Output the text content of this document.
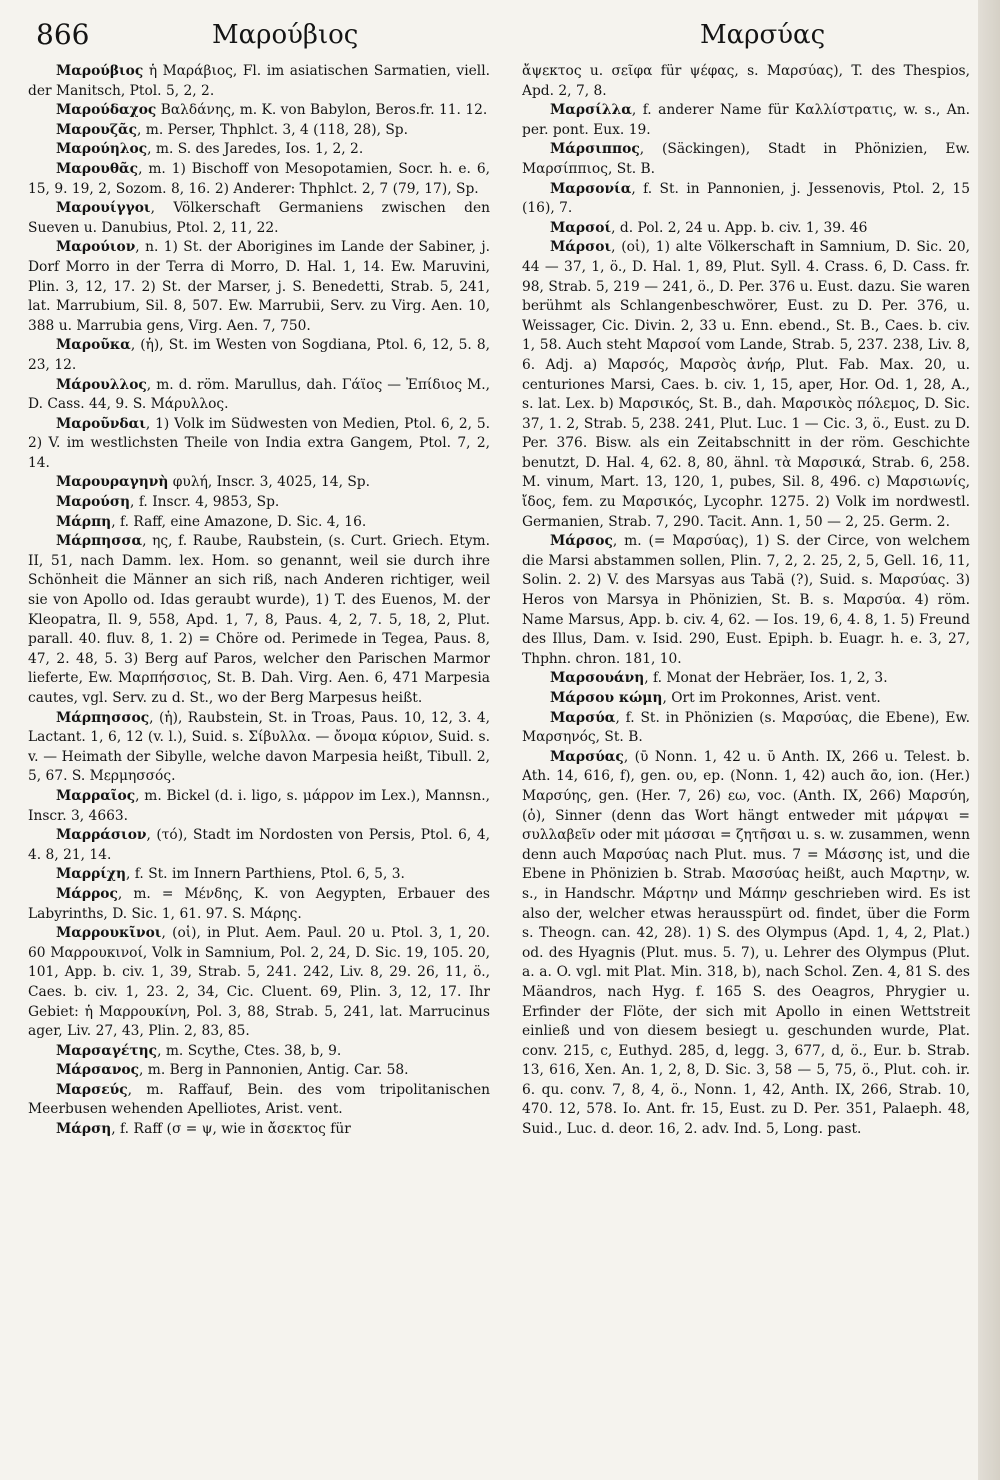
866	Μαρούβιος	Μαρσύας

Μαρούβιος ἡ Μαράβιος, Fl. im asiatischen Sarmatien, viell. der Manitsch, Ptol. 5, 2, 2.

Μαρούδαχος Βαλδάνης, m. K. von Babylon, Beros.fr. 11. 12.

Μαρουζᾶς, m. Perser, Thphlct. 3, 4 (118, 28), Sp.

Μαρούηλος, m. S. des Jaredes, Ios. 1, 2, 2.

Μαρουθᾶς, m. 1) Bischoff von Mesopotamien, Socr. h. e. 6, 15, 9. 19, 2, Sozom. 8, 16. 2) Anderer: Thphlct. 2, 7 (79, 17), Sp.

Μαρουίγγοι, Völkerschaft Germaniens zwischen den Sueven u. Danubius, Ptol. 2, 11, 22.

Μαρούιον, n. 1) St. der Aborigines im Lande der Sabiner, j. Dorf Morro in der Terra di Morro, D. Hal. 1, 14. Ew. Maruvini, Plin. 3, 12, 17. 2) St. der Marser, j. S. Benedetti, Strab. 5, 241, lat. Marrubium, Sil. 8, 507. Ew. Marrubii, Serv. zu Virg. Aen. 10, 388 u. Marrubia gens, Virg. Aen. 7, 750.

Μαροῦκα, (ἡ), St. im Westen von Sogdiana, Ptol. 6, 12, 5. 8, 23, 12.

Μάρουλλος, m. d. röm. Marullus, dah. Γάϊος — Ἐπίδιος Μ., D. Cass. 44, 9. S. Μάρυλλος.

Μαροῦνδαι, 1) Volk im Südwesten von Medien, Ptol. 6, 2, 5. 2) V. im westlichsten Theile von India extra Gangem, Ptol. 7, 2, 14.

Μαρουραγηνὴ φυλή, Inscr. 3, 4025, 14, Sp.

Μαρούση, f. Inscr. 4, 9853, Sp.

Μάρπη, f. Raff, eine Amazone, D. Sic. 4, 16.

Μάρπησσα, ης, f. Raube, Raubstein, (s. Curt. Griech. Etym. II, 51, nach Damm. lex. Hom. so genannt, weil sie durch ihre Schönheit die Männer an sich riß, nach Anderen richtiger, weil sie von Apollo od. Idas geraubt wurde), 1) T. des Euenos, M. der Kleopatra, Il. 9, 558, Apd. 1, 7, 8, Paus. 4, 2, 7. 5, 18, 2, Plut. parall. 40. fluv. 8, 1. 2) = Chöre od. Perimede in Tegea, Paus. 8, 47, 2. 48, 5. 3) Berg auf Paros, welcher den Parischen Marmor lieferte, Ew. Μαρπήσσιος, St. B. Dah. Virg. Aen. 6, 471 Marpesia cautes, vgl. Serv. zu d. St., wo der Berg Marpesus heißt.

Μάρπησσος, (ἡ), Raubstein, St. in Troas, Paus. 10, 12, 3. 4, Lactant. 1, 6, 12 (v. l.), Suid. s. Σίβυλλα. — ὄνομα κύριον, Suid. s. v. — Heimath der Sibylle, welche davon Marpesia heißt, Tibull. 2, 5, 67. S. Μερμησσός.

Μαρραῖος, m. Bickel (d. i. ligo, s. μάρρον im Lex.), Mannsn., Inscr. 3, 4663.

Μαρράσιον, (τό), Stadt im Nordosten von Persis, Ptol. 6, 4, 4. 8, 21, 14.

Μαρρίχη, f. St. im Innern Parthiens, Ptol. 6, 5, 3.

Μάρρος, m. = Μένδης, K. von Aegypten, Erbauer des Labyrinths, D. Sic. 1, 61. 97. S. Μάρης.

Μαρρουκῖνοι, (οἱ), in Plut. Aem. Paul. 20 u. Ptol. 3, 1, 20. 60 Μαρρουκινοί, Volk in Samnium, Pol. 2, 24, D. Sic. 19, 105. 20, 101, App. b. civ. 1, 39, Strab. 5, 241. 242, Liv. 8, 29. 26, 11, ö., Caes. b. civ. 1, 23. 2, 34, Cic. Cluent. 69, Plin. 3, 12, 17. Ihr Gebiet: ἡ Μαρρουκίνη, Pol. 3, 88, Strab. 5, 241, lat. Marrucinus ager, Liv. 27, 43, Plin. 2, 83, 85.

Μαρσαγέτης, m. Scythe, Ctes. 38, b, 9.

Μάρσανος, m. Berg in Pannonien, Antig. Car. 58.

Μαρσεύς, m. Raffauf, Bein. des vom tripolitanischen Meerbusen wehenden Apelliotes, Arist. vent.

Μάρση, f. Raff (σ = ψ, wie in ἄσεκτος für

ἄψεκτος u. σεῖφα für ψέφας, s. Μαρσύας), T. des Thespios, Apd. 2, 7, 8.

Μαρσίλλα, f. anderer Name für Καλλίστρατις, w. s., An. per. pont. Eux. 19.

Μάρσιππος, (Säckingen), Stadt in Phönizien, Ew. Μαρσίππιος, St. B.

Μαρσονία, f. St. in Pannonien, j. Jessenovis, Ptol. 2, 15 (16), 7.

Μαρσοί, d. Pol. 2, 24 u. App. b. civ. 1, 39. 46

Μάρσοι, (οἱ), 1) alte Völkerschaft in Samnium, D. Sic. 20, 44 — 37, 1, ö., D. Hal. 1, 89, Plut. Syll. 4. Crass. 6, D. Cass. fr. 98, Strab. 5, 219 — 241, ö., D. Per. 376 u. Eust. dazu. Sie waren berühmt als Schlangenbeschwörer, Eust. zu D. Per. 376, u. Weissager, Cic. Divin. 2, 33 u. Enn. ebend., St. B., Caes. b. civ. 1, 58. Auch steht Μαρσοί vom Lande, Strab. 5, 237. 238, Liv. 8, 6. Adj. a) Μαρσός, Μαρσὸς ἀνήρ, Plut. Fab. Max. 20, u. centuriones Marsi, Caes. b. civ. 1, 15, aper, Hor. Od. 1, 28, A., s. lat. Lex. b) Μαρσικός, St. B., dah. Μαρσικὸς πόλεμος, D. Sic. 37, 1. 2, Strab. 5, 238. 241, Plut. Luc. 1 — Cic. 3, ö., Eust. zu D. Per. 376. Bisw. als ein Zeitabschnitt in der röm. Geschichte benutzt, D. Hal. 4, 62. 8, 80, ähnl. τὰ Μαρσικά, Strab. 6, 258. M. vinum, Mart. 13, 120, 1, pubes, Sil. 8, 496. c) Μαρσιωνίς, ἴδος, fem. zu Μαρσικός, Lycophr. 1275. 2) Volk im nordwestl. Germanien, Strab. 7, 290. Tacit. Ann. 1, 50 — 2, 25. Germ. 2.

Μάρσος, m. (= Μαρσύας), 1) S. der Circe, von welchem die Marsi abstammen sollen, Plin. 7, 2, 2. 25, 2, 5, Gell. 16, 11, Solin. 2. 2) V. des Marsyas aus Tabä (?), Suid. s. Μαρσύας. 3) Heros von Marsya in Phönizien, St. B. s. Μαρσύα. 4) röm. Name Marsus, App. b. civ. 4, 62. — Ios. 19, 6, 4. 8, 1. 5) Freund des Illus, Dam. v. Isid. 290, Eust. Epiph. b. Euagr. h. e. 3, 27, Thphn. chron. 181, 10.

Μαρσουάνη, f. Monat der Hebräer, Ios. 1, 2, 3.

Μάρσου κώμη, Ort im Prokonnes, Arist. vent.

Μαρσύα, f. St. in Phönizien (s. Μαρσύας, die Ebene), Ew. Μαρσηνός, St. B.

Μαρσύας, (ῡ Nonn. 1, 42 u. ῠ Anth. IX, 266 u. Telest. b. Ath. 14, 616, f), gen. ου, ep. (Nonn. 1, 42) auch ᾱο, ion. (Her.) Μαρσύης, gen. (Her. 7, 26) εω, voc. (Anth. IX, 266) Μαρσύη, (ὁ), Sinner (denn das Wort hängt entweder mit μάρψαι = συλλαβεῖν oder mit μάσσαι = ζητῆσαι u. s. w. zusammen, wenn denn auch Μαρσύας nach Plut. mus. 7 = Μάσσης ist, und die Ebene in Phönizien b. Strab. Μασσύας heißt, auch Μαρτην, w. s., in Handschr. Μάρτην und Μάπην geschrieben wird. Es ist also der, welcher etwas herausspürt od. findet, über die Form s. Theogn. can. 42, 28). 1) S. des Olympus (Apd. 1, 4, 2, Plat.) od. des Hyagnis (Plut. mus. 5. 7), u. Lehrer des Olympus (Plut. a. a. O. vgl. mit Plat. Min. 318, b), nach Schol. Zen. 4, 81 S. des Mäandros, nach Hyg. f. 165 S. des Oeagros, Phrygier u. Erfinder der Flöte, der sich mit Apollo in einen Wettstreit einließ und von diesem besiegt u. geschunden wurde, Plat. conv. 215, c, Euthyd. 285, d, legg. 3, 677, d, ö., Eur. b. Strab. 13, 616, Xen. An. 1, 2, 8, D. Sic. 3, 58 — 5, 75, ö., Plut. coh. ir. 6. qu. conv. 7, 8, 4, ö., Nonn. 1, 42, Anth. IX, 266, Strab. 10, 470. 12, 578. Io. Ant. fr. 15, Eust. zu D. Per. 351, Palaeph. 48, Suid., Luc. d. deor. 16, 2. adv. Ind. 5, Long. past.
